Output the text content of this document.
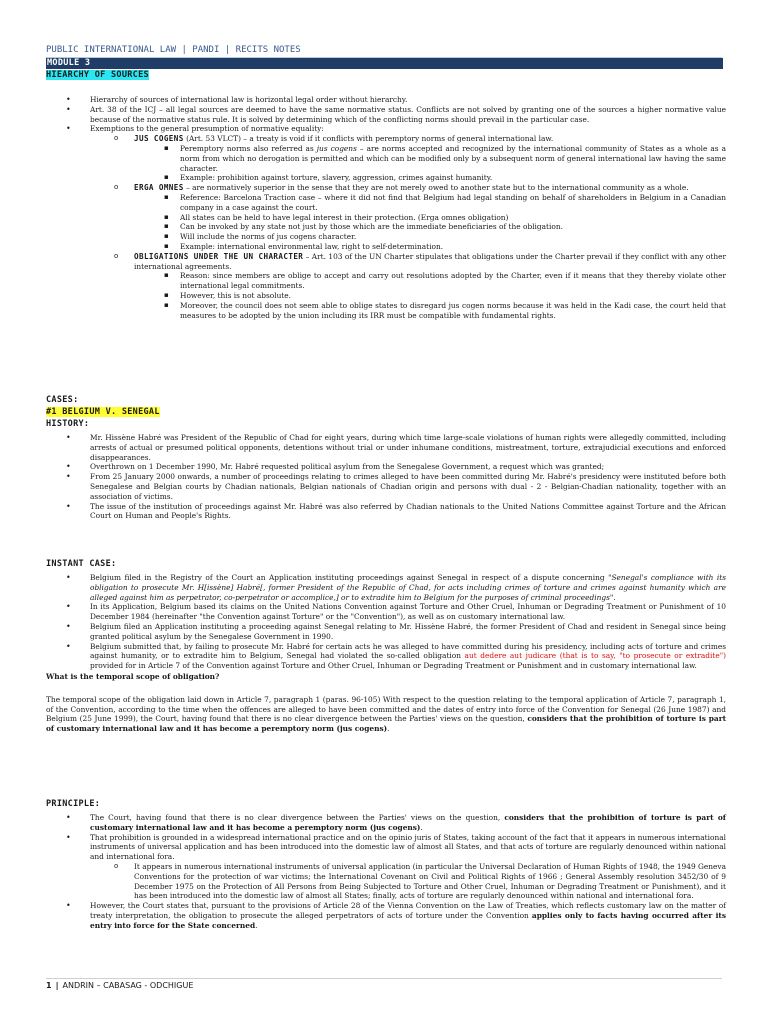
PUBLIC INTERNATIONAL LAW | PANDI | RECITS NOTES
MODULE 3
HIEARCHY OF SOURCES
• Hierarchy of sources of international law is horizontal legal order without hierarchy.
• Art. 38 of the ICJ – all legal sources are deemed to have the same normative status. Conflicts are not solved by granting one of the sources a higher normative value because of the normative status rule. It is solved by determining which of the conflicting norms should prevail in the particular case.
• Exemptions to the general presumption of normative equality:
o JUS COGENS (Art. 53 VLCT) – a treaty is void if it conflicts with peremptory norms of general international law.
▪ Peremptory norms also referred as jus cogens – are norms accepted and recognized by the international community of States as a whole as a norm from which no derogation is permitted and which can be modified only by a subsequent norm of general international law having the same character.
▪ Example: prohibition against torture, slavery, aggression, crimes against humanity.
o ERGA OMNES – are normatively superior in the sense that they are not merely owed to another state but to the international community as a whole.
▪ Reference: Barcelona Traction case – where it did not find that Belgium had legal standing on behalf of shareholders in Belgium in a Canadian company in a case against the court.
▪ All states can be held to have legal interest in their protection. (Erga omnes obligation)
▪ Can be invoked by any state not just by those which are the immediate beneficiaries of the obligation.
▪ Will include the norms of jus cogens character.
▪ Example: international environmental law, right to self-determination.
o OBLIGATIONS UNDER THE UN CHARACTER – Art. 103 of the UN Charter stipulates that obligations under the Charter prevail if they conflict with any other international agreements.
▪ Reason: since members are oblige to accept and carry out resolutions adopted by the Charter, even if it means that they thereby violate other international legal commitments.
▪ However, this is not absolute.
▪ Moreover, the council does not seem able to oblige states to disregard jus cogen norms because it was held in the Kadi case, the court held that measures to be adopted by the union including its IRR must be compatible with fundamental rights.
CASES:
#1 BELGIUM V. SENEGAL
HISTORY:
• Mr. Hissène Habré was President of the Republic of Chad for eight years, during which time large-scale violations of human rights were allegedly committed, including arrests of actual or presumed political opponents, detentions without trial or under inhumane conditions, mistreatment, torture, extrajudicial executions and enforced disappearances.
• Overthrown on 1 December 1990, Mr. Habré requested political asylum from the Senegalese Government, a request which was granted;
• From 25 January 2000 onwards, a number of proceedings relating to crimes alleged to have been committed during Mr. Habré's presidency were instituted before both Senegalese and Belgian courts by Chadian nationals, Belgian nationals of Chadian origin and persons with dual - 2 - Belgian-Chadian nationality, together with an association of victims.
• The issue of the institution of proceedings against Mr. Habré was also referred by Chadian nationals to the United Nations Committee against Torture and the African Court on Human and People's Rights.
INSTANT CASE:
• Belgium filed in the Registry of the Court an Application instituting proceedings against Senegal in respect of a dispute concerning "Senegal's compliance with its obligation to prosecute Mr. H[issène] Habré[, former President of the Republic of Chad, for acts including crimes of torture and crimes against humanity which are alleged against him as perpetrator, co-perpetrator or accomplice,] or to extradite him to Belgium for the purposes of criminal proceedings".
• In its Application, Belgium based its claims on the United Nations Convention against Torture and Other Cruel, Inhuman or Degrading Treatment or Punishment of 10 December 1984 (hereinafter "the Convention against Torture" or the "Convention"), as well as on customary international law.
• Belgium filed an Application instituting a proceeding against Senegal relating to Mr. Hissène Habré, the former President of Chad and resident in Senegal since being granted political asylum by the Senegalese Government in 1990.
• Belgium submitted that, by failing to prosecute Mr. Habré for certain acts he was alleged to have committed during his presidency, including acts of torture and crimes against humanity, or to extradite him to Belgium, Senegal had violated the so-called obligation aut dedere aut judicare (that is to say, "to prosecute or extradite") provided for in Article 7 of the Convention against Torture and Other Cruel, Inhuman or Degrading Treatment or Punishment and in customary international law.
What is the temporal scope of obligation?
The temporal scope of the obligation laid down in Article 7, paragraph 1 (paras. 96-105) With respect to the question relating to the temporal application of Article 7, paragraph 1, of the Convention, according to the time when the offences are alleged to have been committed and the dates of entry into force of the Convention for Senegal (26 June 1987) and Belgium (25 June 1999), the Court, having found that there is no clear divergence between the Parties' views on the question, considers that the prohibition of torture is part of customary international law and it has become a peremptory norm (jus cogens).
PRINCIPLE:
• The Court, having found that there is no clear divergence between the Parties' views on the question, considers that the prohibition of torture is part of customary international law and it has become a peremptory norm (jus cogens).
• That prohibition is grounded in a widespread international practice and on the opinio juris of States, taking account of the fact that it appears in numerous international instruments of universal application and has been introduced into the domestic law of almost all States, and that acts of torture are regularly denounced within national and international fora.
o It appears in numerous international instruments of universal application (in particular the Universal Declaration of Human Rights of 1948, the 1949 Geneva Conventions for the protection of war victims; the International Covenant on Civil and Political Rights of 1966 ; General Assembly resolution 3452/30 of 9 December 1975 on the Protection of All Persons from Being Subjected to Torture and Other Cruel, Inhuman or Degrading Treatment or Punishment), and it has been introduced into the domestic law of almost all States; finally, acts of torture are regularly denounced within national and international fora.
• However, the Court states that, pursuant to the provisions of Article 28 of the Vienna Convention on the Law of Treaties, which reflects customary law on the matter of treaty interpretation, the obligation to prosecute the alleged perpetrators of acts of torture under the Convention applies only to facts having occurred after its entry into force for the State concerned.
1 | ANDRIN – CABASAG - ODCHIGUE
